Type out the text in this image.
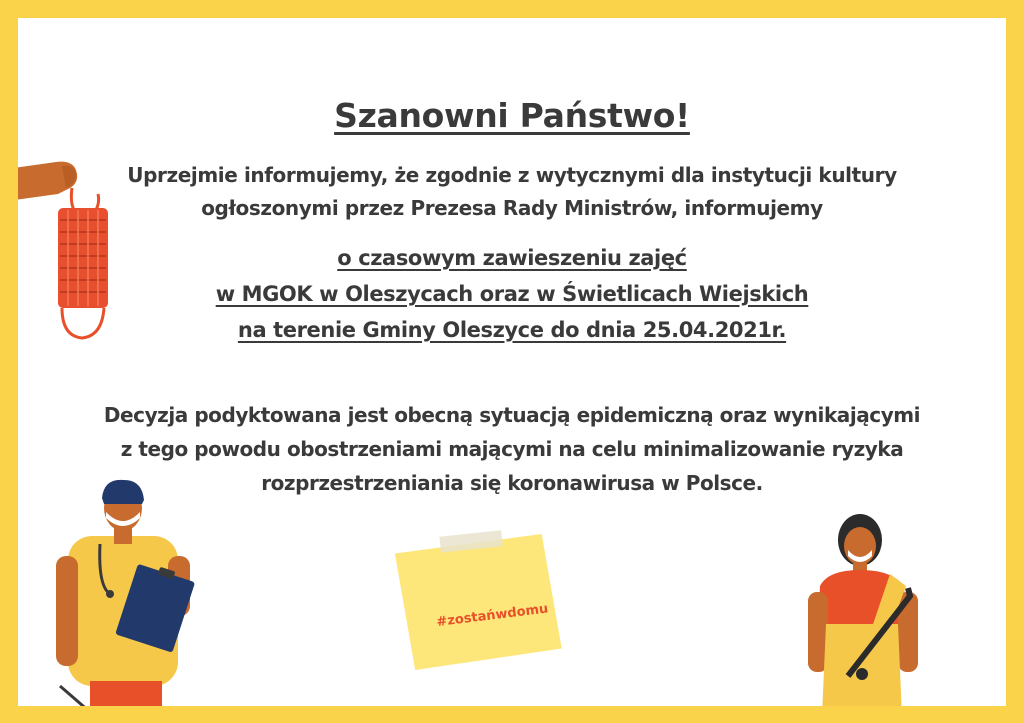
Szanowni Państwo!
Uprzejmie informujemy, że zgodnie z wytycznymi dla instytucji kultury
ogłoszonymi przez Prezesa Rady Ministrów, informujemy
o czasowym zawieszeniu zajęć
w MGOK w Oleszycach oraz w Świetlicach Wiejskich
na terenie Gminy Oleszyce do dnia 25.04.2021r.
Decyzja podyktowana jest obecną sytuacją epidemiczną oraz wynikającymi
z tego powodu obostrzeniami mającymi na celu minimalizowanie ryzyka
rozprzestrzeniania się koronawirusa w Polsce.
#zostańwdomu
